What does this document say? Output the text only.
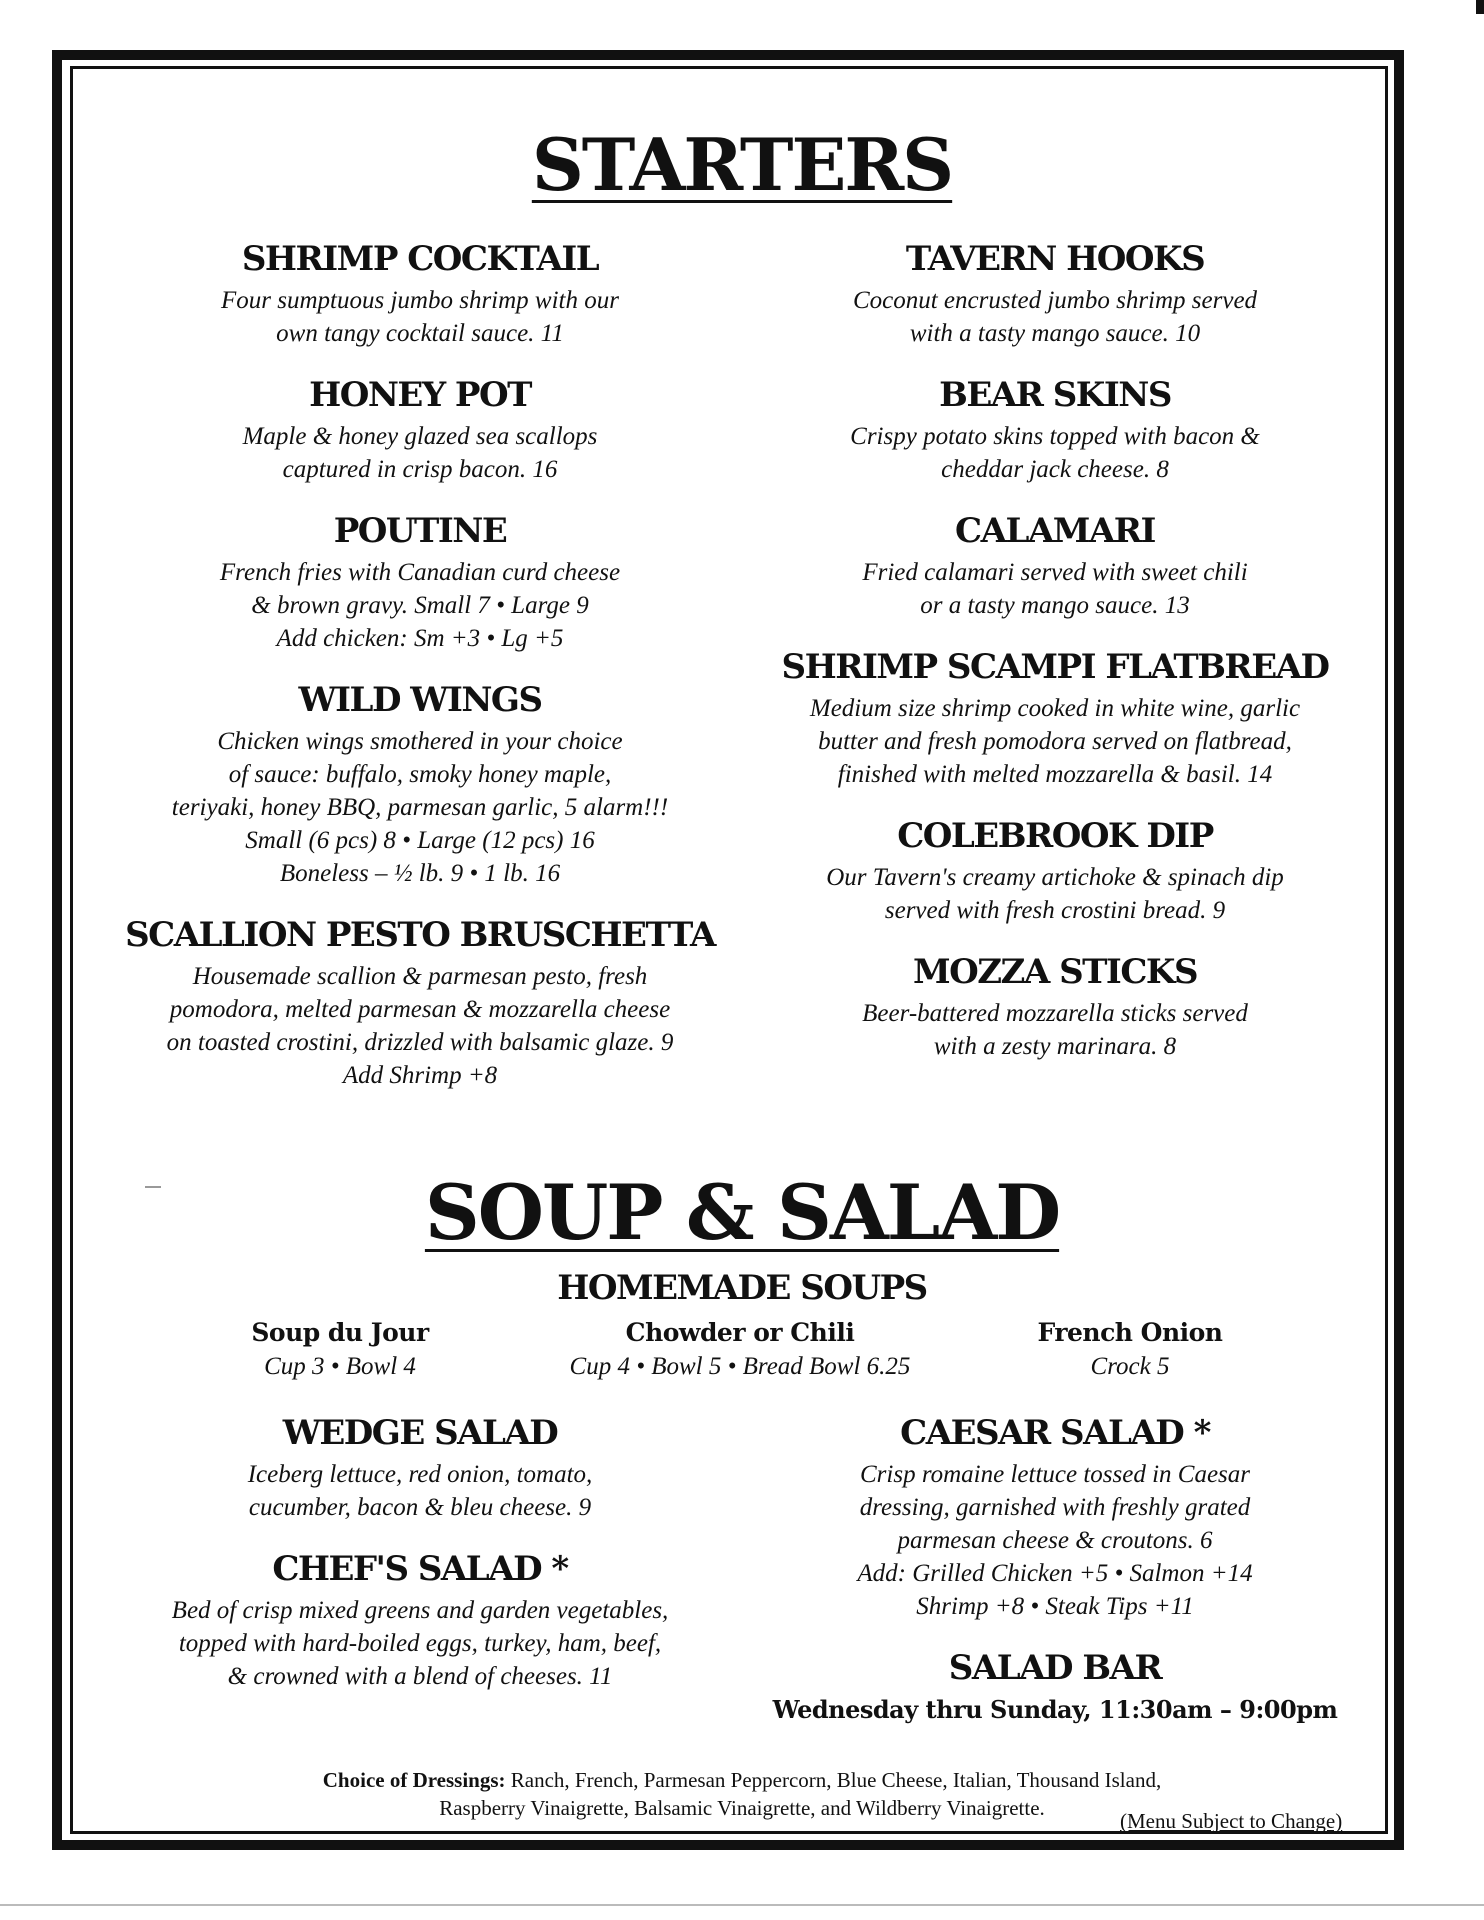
STARTERS
SHRIMP COCKTAIL
Four sumptuous jumbo shrimp with our
own tangy cocktail sauce. 11
HONEY POT
Maple & honey glazed sea scallops
captured in crisp bacon. 16
POUTINE
French fries with Canadian curd cheese
& brown gravy. Small 7 • Large 9
Add chicken: Sm +3 • Lg +5
WILD WINGS
Chicken wings smothered in your choice
of sauce: buffalo, smoky honey maple,
teriyaki, honey BBQ, parmesan garlic, 5 alarm!!!
Small (6 pcs) 8 • Large (12 pcs) 16
Boneless – ½ lb. 9 • 1 lb. 16
SCALLION PESTO BRUSCHETTA
Housemade scallion & parmesan pesto, fresh
pomodora, melted parmesan & mozzarella cheese
on toasted crostini, drizzled with balsamic glaze. 9
Add Shrimp +8
TAVERN HOOKS
Coconut encrusted jumbo shrimp served
with a tasty mango sauce. 10
BEAR SKINS
Crispy potato skins topped with bacon &
cheddar jack cheese. 8
CALAMARI
Fried calamari served with sweet chili
or a tasty mango sauce. 13
SHRIMP SCAMPI FLATBREAD
Medium size shrimp cooked in white wine, garlic
butter and fresh pomodora served on flatbread,
finished with melted mozzarella & basil. 14
COLEBROOK DIP
Our Tavern's creamy artichoke & spinach dip
served with fresh crostini bread. 9
MOZZA STICKS
Beer-battered mozzarella sticks served
with a zesty marinara. 8
SOUP & SALAD
HOMEMADE SOUPS
Soup du Jour
Cup 3 • Bowl 4
Chowder or Chili
Cup 4 • Bowl 5 • Bread Bowl 6.25
French Onion
Crock 5
WEDGE SALAD
Iceberg lettuce, red onion, tomato,
cucumber, bacon & bleu cheese. 9
CHEF'S SALAD *
Bed of crisp mixed greens and garden vegetables,
topped with hard-boiled eggs, turkey, ham, beef,
& crowned with a blend of cheeses. 11
CAESAR SALAD *
Crisp romaine lettuce tossed in Caesar
dressing, garnished with freshly grated
parmesan cheese & croutons. 6
Add: Grilled Chicken +5 • Salmon +14
Shrimp +8 • Steak Tips +11
SALAD BAR
Wednesday thru Sunday, 11:30am – 9:00pm
Choice of Dressings: Ranch, French, Parmesan Peppercorn, Blue Cheese, Italian, Thousand Island,
Raspberry Vinaigrette, Balsamic Vinaigrette, and Wildberry Vinaigrette.
(Menu Subject to Change)
